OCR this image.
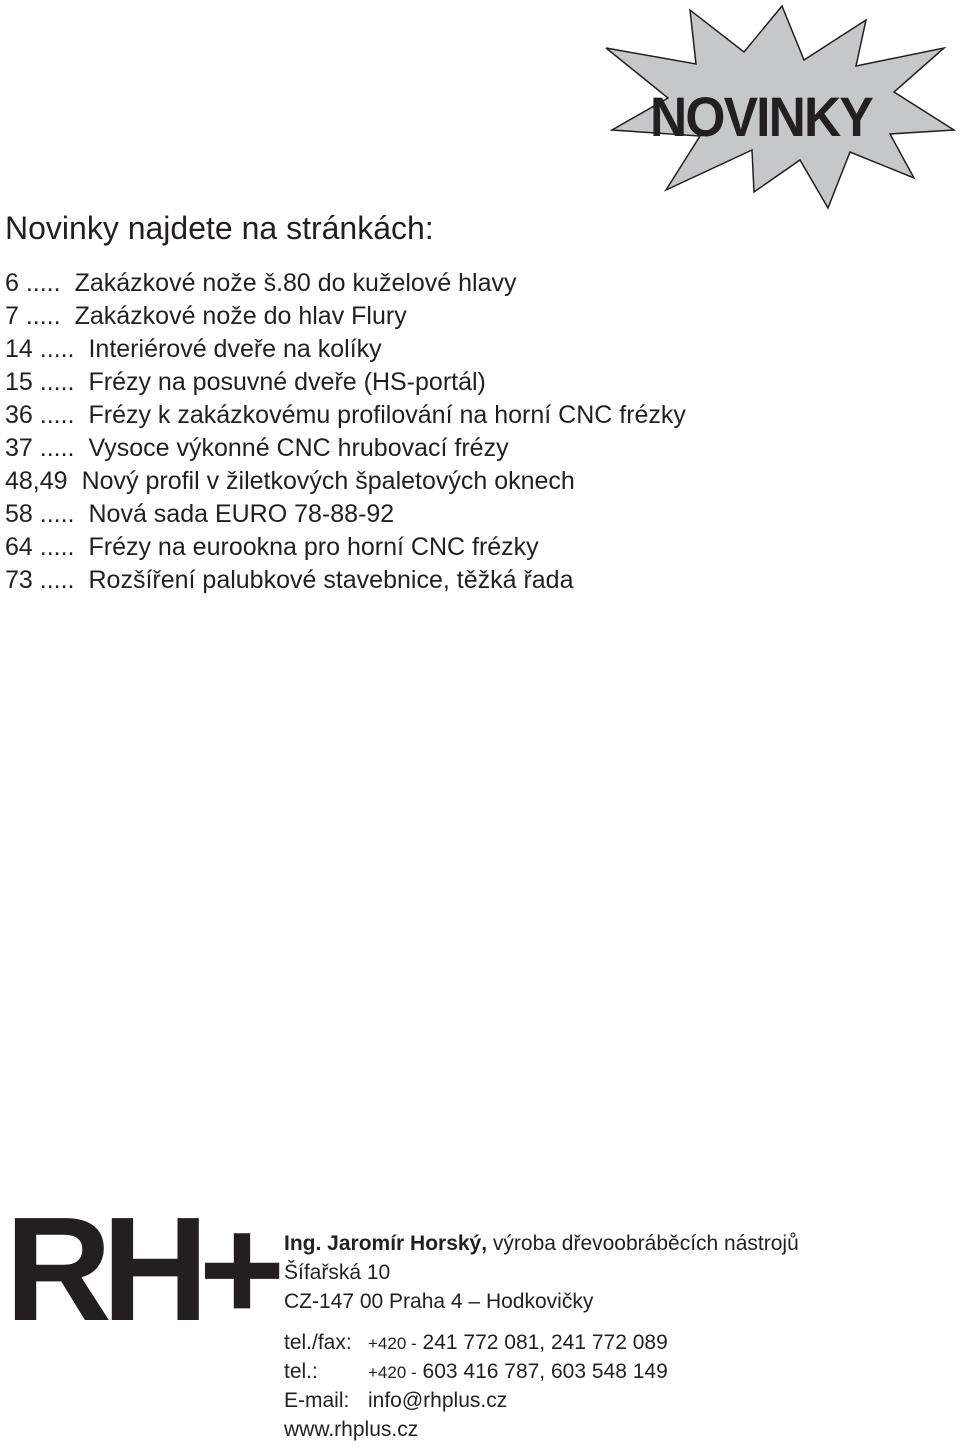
NOVINKY
Novinky najdete na stránkách:
6 ..... Zakázkové nože š.80 do kuželové hlavy
7 ..... Zakázkové nože do hlav Flury
14 ..... Interiérové dveře na kolíky
15 ..... Frézy na posuvné dveře (HS-portál)
36 ..... Frézy k zakázkovému profilování na horní CNC frézky
37 ..... Vysoce výkonné CNC hrubovací frézy
48,49 Nový profil v žiletkových špaletových oknech
58 ..... Nová sada EURO 78-88-92
64 ..... Frézy na eurookna pro horní CNC frézky
73 ..... Rozšíření palubkové stavebnice, těžká řada
RH+ Ing. Jaromír Horský, výroba dřevoobráběcích nástrojů
Šífařská 10
CZ-147 00 Praha 4 – Hodkovičky
tel./fax: +420 - 241 772 081, 241 772 089
tel.:	+420 - 603 416 787, 603 548 149
E-mail: info@rhplus.cz
www.rhplus.cz
